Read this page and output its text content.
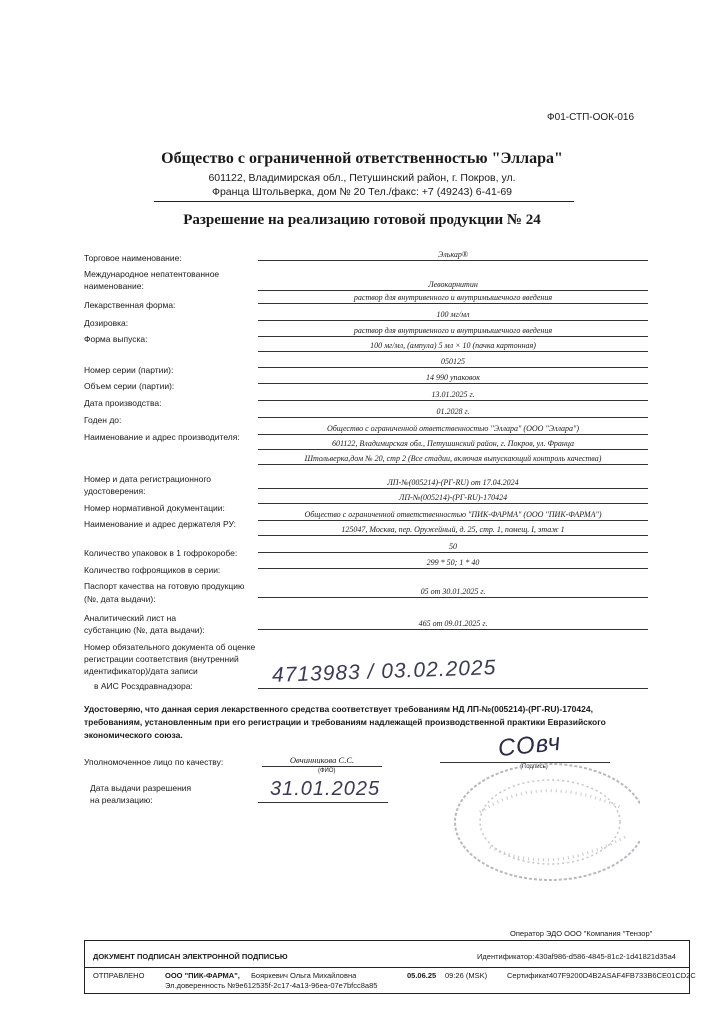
Ф01-СТП-ООК-016
Общество с ограниченной ответственностью "Эллара"
601122, Владимирская обл., Петушинский район, г. Покров, ул.
Франца Штольверка, дом № 20 Тел./факс: +7 (49243) 6-41-69
Разрешение на реализацию готовой продукции № 24
Торговое наименование:	Элькар®
Международное непатентованное
наименование:	Левокарнитин
Лекарственная форма:
раствор для внутривенного и внутримышечного введения
Дозировка:
100 мг/мл
Форма выпуска:
раствор для внутривенного и внутримышечного введения
100 мг/мл, (ампула) 5 мл × 10 (пачка картонная)
Номер серии (партии):
050125
Объем серии (партии):
14 990 упаковок
Дата производства:
13.01.2025 г.
Годен до:
01.2028 г.
Наименование и адрес производителя:
Общество с ограниченной ответственностью "Эллара" (ООО "Эллара")
601122, Владимирская обл., Петушинский район, г. Покров, ул. Франца
Штольверка,дом № 20, стр 2 (Все стадии, включая выпускающий контроль качества)
Номер и дата регистрационного
удостоверения:
ЛП-№(005214)-(РГ-RU) от 17.04.2024
Номер нормативной документации:
ЛП-№(005214)-(РГ-RU)-170424
Наименование и адрес держателя РУ:
Общество с ограниченной ответственностью "ПИК-ФАРМА" (ООО "ПИК-ФАРМА")
125047, Москва, пер. Оружейный, д. 25, стр. 1, помещ. I, этаж 1
Количество упаковок в 1 гофрокоробе:
50
Количество гофроящиков в серии:
299 * 50; 1 * 40
Паспорт качества на готовую продукцию
(№, дата выдачи):
05 от 30.01.2025 г.
Аналитический лист на
субстанцию (№, дата выдачи):
465 от 09.01.2025 г.
Номер обязательного документа об оценке
регистрации соответствия (внутренний
идентификатор)/дата записи
в АИС Росздравнадзора:	4713983 / 03.02.2025
Удостоверяю, что данная серия лекарственного средства соответствует требованиям НД ЛП-№(005214)-(РГ-RU)-170424,
требованиям, установленным при его регистрации и требованиям надлежащей производственной практики Евразийского
экономического союза.
Уполномоченное лицо по качеству:	Овчинникова С.С.
(ФИО)
(Подпись)
СОвч
Дата выдачи разрешения
на реализацию:	31.01.2025
Оператор ЭДО ООО "Компания "Тензор"
ДОКУМЕНТ ПОДПИСАН ЭЛЕКТРОННОЙ ПОДПИСЬЮ	Идентификатор: 430af986-d586-4845-81c2-1d41821d35a4
ОТПРАВЛЕНО	ООО "ПИК-ФАРМА", Бояркевич Ольга Михайловна	05.06.25 09:26 (MSK)	Сертификат 407F9200D4B2ASAF4FB733B6CE01CD2C
Эл.доверенность №9e612535f-2c17-4a13-96ea-07e7bfcc8a85
